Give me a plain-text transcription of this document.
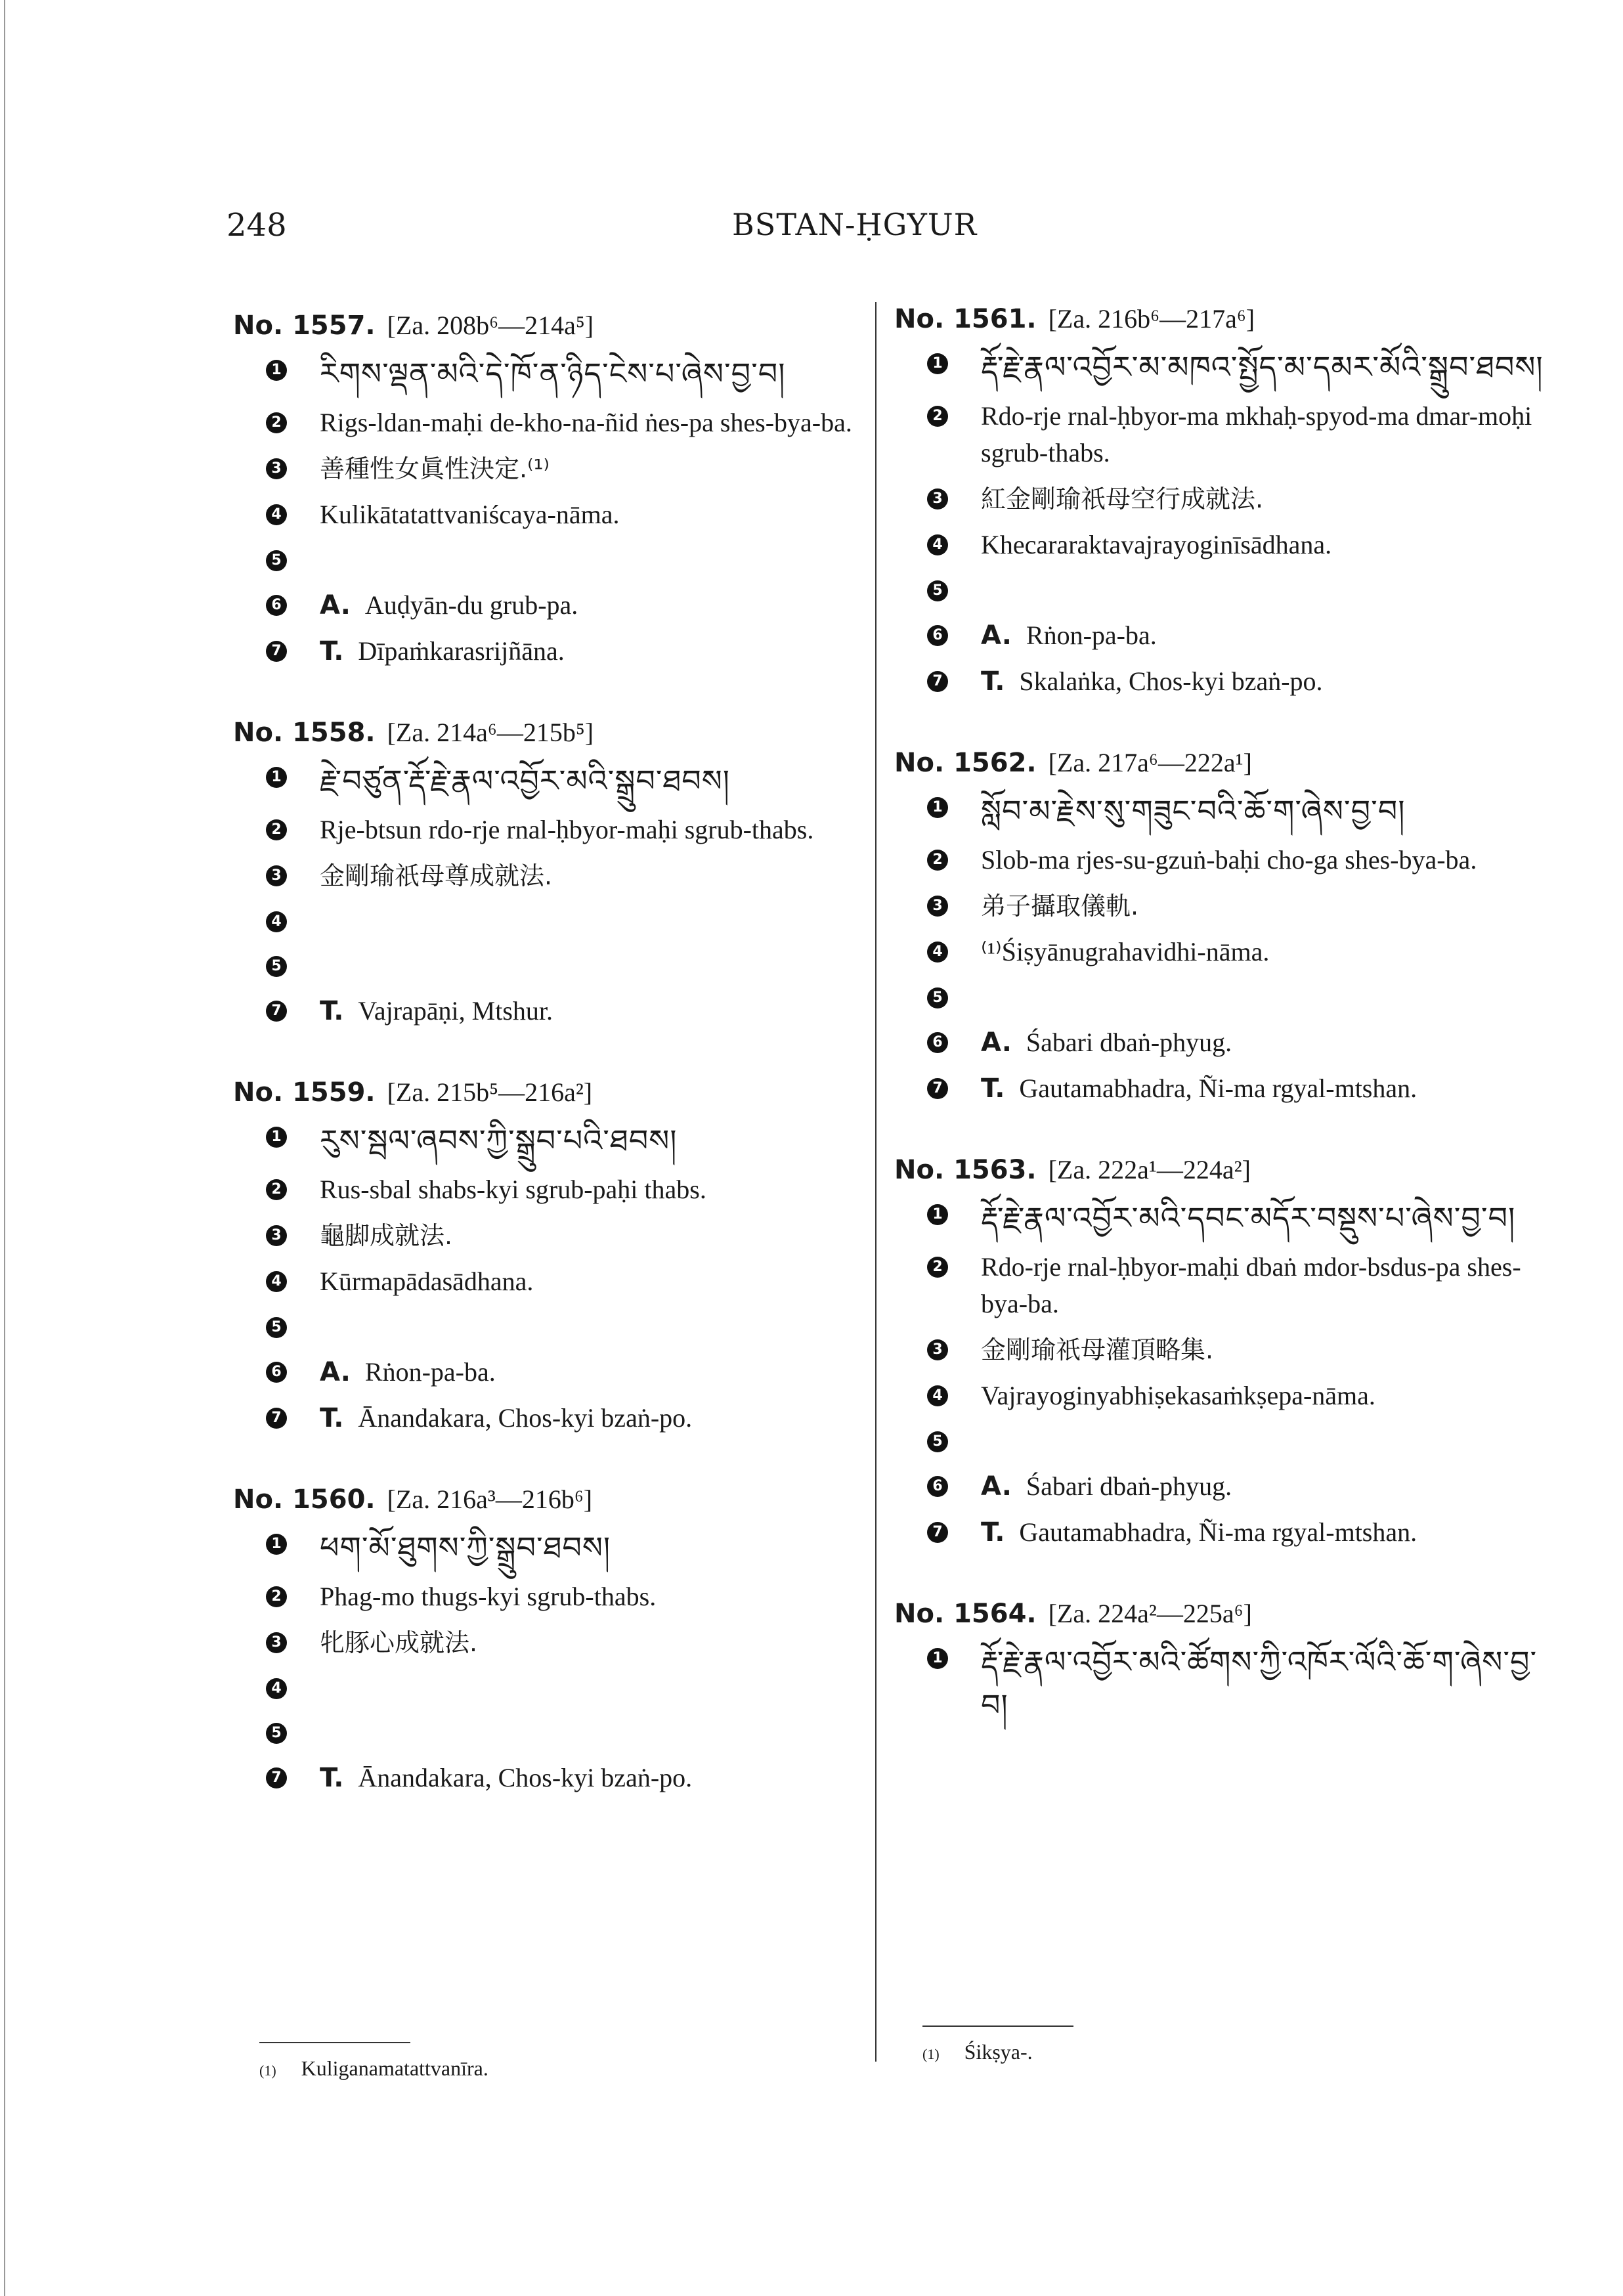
248	BSTAN-ḤGYUR
No. 1557. [Za. 208b⁶—214a⁵]
1 རིགས་ལྡན་མའི་དེ་ཁོ་ན་ཉིད་ངེས་པ་ཞེས་བྱ་བ།
2 Rigs-ldan-maḥi de-kho-na-ñid ṅes-pa shes-bya-ba.
3 善種性女眞性決定.⁽¹⁾
4 Kulikātatattvaniścaya-nāma.
5
6 A. Auḍyān-du grub-pa.
7 T. Dīpaṁkarasrijñāna.
No. 1558. [Za. 214a⁶—215b⁵]
1 རྗེ་བཙུན་རྡོ་རྗེ་རྣལ་འབྱོར་མའི་སྒྲུབ་ཐབས།
2 Rje-btsun rdo-rje rnal-ḥbyor-maḥi sgrub-thabs.
3 金剛瑜祇母尊成就法.
4
5
7 T. Vajrapāṇi, Mtshur.
No. 1559. [Za. 215b⁵—216a²]
1 རུས་སྦལ་ཞབས་ཀྱི་སྒྲུབ་པའི་ཐབས།
2 Rus-sbal shabs-kyi sgrub-paḥi thabs.
3 龜脚成就法.
4 Kūrmapādasādhana.
5
6 A. Rṅon-pa-ba.
7 T. Ānandakara, Chos-kyi bzaṅ-po.
No. 1560. [Za. 216a³—216b⁶]
1 ཕག་མོ་ཐུགས་ཀྱི་སྒྲུབ་ཐབས།
2 Phag-mo thugs-kyi sgrub-thabs.
3 牝豚心成就法.
4
5
7 T. Ānandakara, Chos-kyi bzaṅ-po.
No. 1561. [Za. 216b⁶—217a⁶]
1 རྡོ་རྗེ་རྣལ་འབྱོར་མ་མཁའ་སྤྱོད་མ་དམར་མོའི་སྒྲུབ་ཐབས།
2 Rdo-rje rnal-ḥbyor-ma mkhaḥ-spyod-ma dmar-moḥi sgrub-thabs.
3 紅金剛瑜祇母空行成就法.
4 Khecararaktavajrayoginīsādhana.
5
6 A. Rṅon-pa-ba.
7 T. Skalaṅka, Chos-kyi bzaṅ-po.
No. 1562. [Za. 217a⁶—222a¹]
1 སློབ་མ་རྗེས་སུ་གཟུང་བའི་ཆོ་ག་ཞེས་བྱ་བ།
2 Slob-ma rjes-su-gzuṅ-baḥi cho-ga shes-bya-ba.
3 弟子攝取儀軌.
4 ⁽¹⁾Śiṣyānugrahavidhi-nāma.
5
6 A. Śabari dbaṅ-phyug.
7 T. Gautamabhadra, Ñi-ma rgyal-mtshan.
No. 1563. [Za. 222a¹—224a²]
1 རྡོ་རྗེ་རྣལ་འབྱོར་མའི་དབང་མདོར་བསྡུས་པ་ཞེས་བྱ་བ།
2 Rdo-rje rnal-ḥbyor-maḥi dbaṅ mdor-bsdus-pa shes-bya-ba.
3 金剛瑜祇母灌頂略集.
4 Vajrayoginyabhiṣekasaṁkṣepa-nāma.
5
6 A. Śabari dbaṅ-phyug.
7 T. Gautamabhadra, Ñi-ma rgyal-mtshan.
No. 1564. [Za. 224a²—225a⁶]
1 རྡོ་རྗེ་རྣལ་འབྱོར་མའི་ཚོགས་ཀྱི་འཁོར་ལོའི་ཆོ་ག་ཞེས་བྱ་བ།
(1) Kuliganamatattvanīra.
(1) Śikṣya-.
